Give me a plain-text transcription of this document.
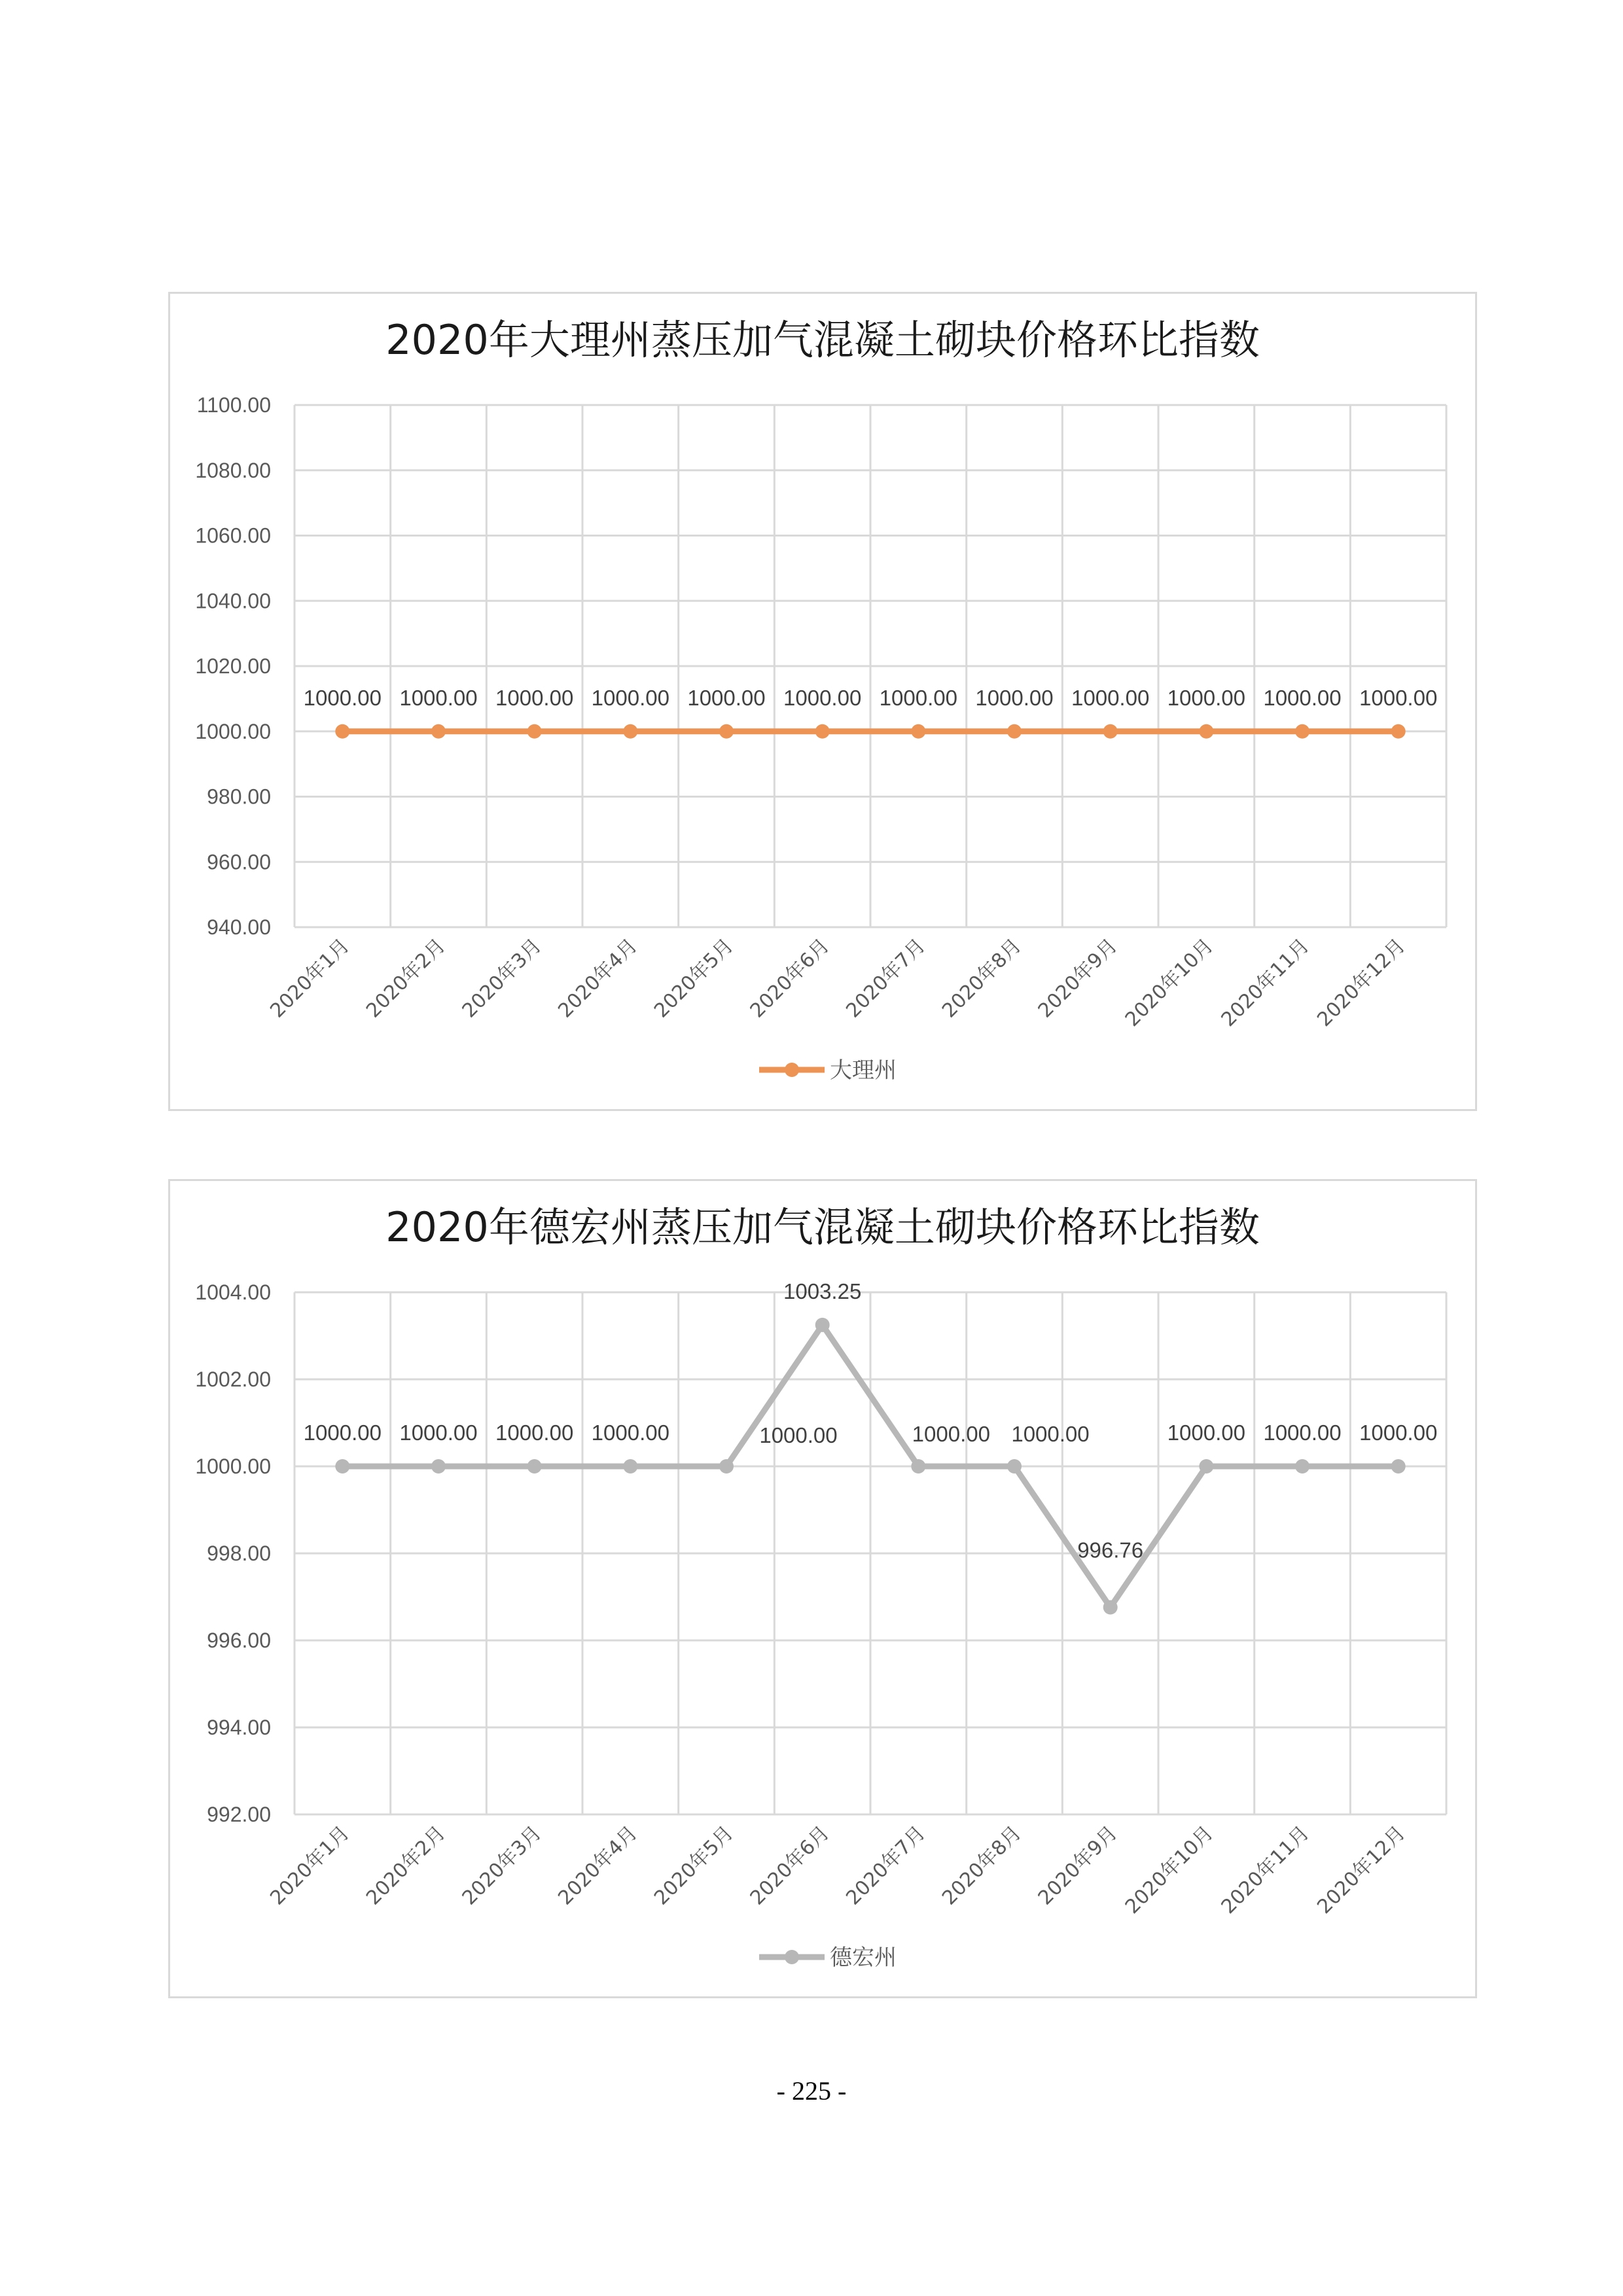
2020年大理州蒸压加气混凝土砌块价格环比指数
940.00
960.00
980.00
1000.00
1020.00
1040.00
1060.00
1080.00
1100.00
2020年1月 2020年2月 2020年3月 2020年4月 2020年5月 2020年6月 2020年7月 2020年8月 2020年9月
2020年10月
2020年11月
2020年12月
1000.00 1000.00 1000.00 1000.00 1000.00 1000.00 1000.00 1000.00 1000.00 1000.00 1000.00 1000.00
大理州
2020年德宏州蒸压加气混凝土砌块价格环比指数
992.00
994.00
996.00
998.00
1000.00
1002.00
1004.00
2020年1月 2020年2月 2020年3月 2020年4月 2020年5月 2020年6月 2020年7月 2020年8月 2020年9月
2020年10月
2020年11月
2020年12月
1000.00 1000.00 1000.00 1000.00	1000.00
1003.25
1000.00 1000.00
996.76
1000.00 1000.00 1000.00
德宏州
- 225 -
